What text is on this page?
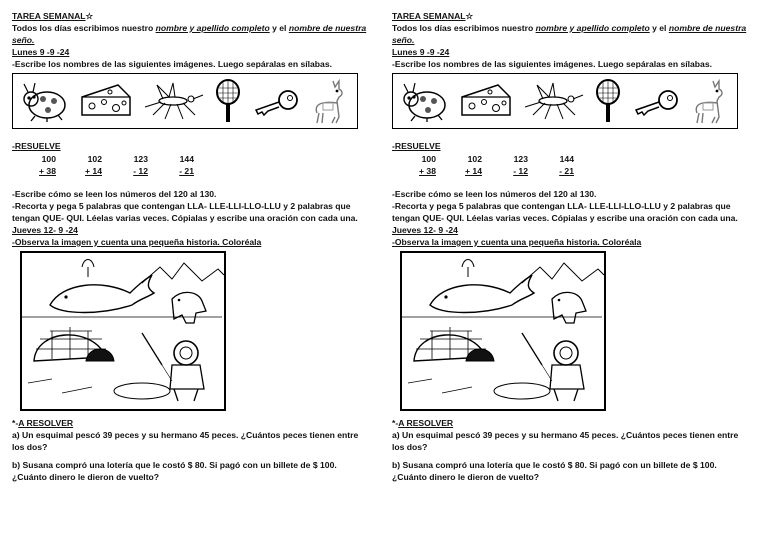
TAREA SEMANAL☆
Todos los días escribimos nuestro nombre y apellido completo y el nombre de nuestra seño.
Lunes 9 -9 -24
-Escribe los nombres de las siguientes imágenes. Luego sepáralas en sílabas.
-RESUELVE
100
+ 38
102
+ 14
123
- 12
144
- 21
-Escribe cómo se leen los números del 120 al 130.
-Recorta y pega 5 palabras que contengan LLA- LLE-LLI-LLO-LLU y 2 palabras que tengan QUE- QUI. Léelas varias veces. Cópialas y escribe una oración con cada una.
Jueves 12- 9 -24
-Observa la imagen y cuenta una pequeña historia. Coloréala
*-A RESOLVER
a) Un esquimal pescó 39 peces y su hermano 45 peces. ¿Cuántos peces tienen entre los dos?
b) Susana compró una lotería que le costó $ 80. Si pagó con un billete de $ 100. ¿Cuánto dinero le dieron de vuelto?
TAREA SEMANAL☆
Todos los días escribimos nuestro nombre y apellido completo y el nombre de nuestra seño.
Lunes 9 -9 -24
-Escribe los nombres de las siguientes imágenes. Luego sepáralas en sílabas.
-RESUELVE
100
+ 38
102
+ 14
123
- 12
144
- 21
-Escribe cómo se leen los números del 120 al 130.
-Recorta y pega 5 palabras que contengan LLA- LLE-LLI-LLO-LLU y 2 palabras que tengan QUE- QUI. Léelas varias veces. Cópialas y escribe una oración con cada una.
Jueves 12- 9 -24
-Observa la imagen y cuenta una pequeña historia. Coloréala
*-A RESOLVER
a) Un esquimal pescó 39 peces y su hermano 45 peces. ¿Cuántos peces tienen entre los dos?
b) Susana compró una lotería que le costó $ 80. Si pagó con un billete de $ 100. ¿Cuánto dinero le dieron de vuelto?
